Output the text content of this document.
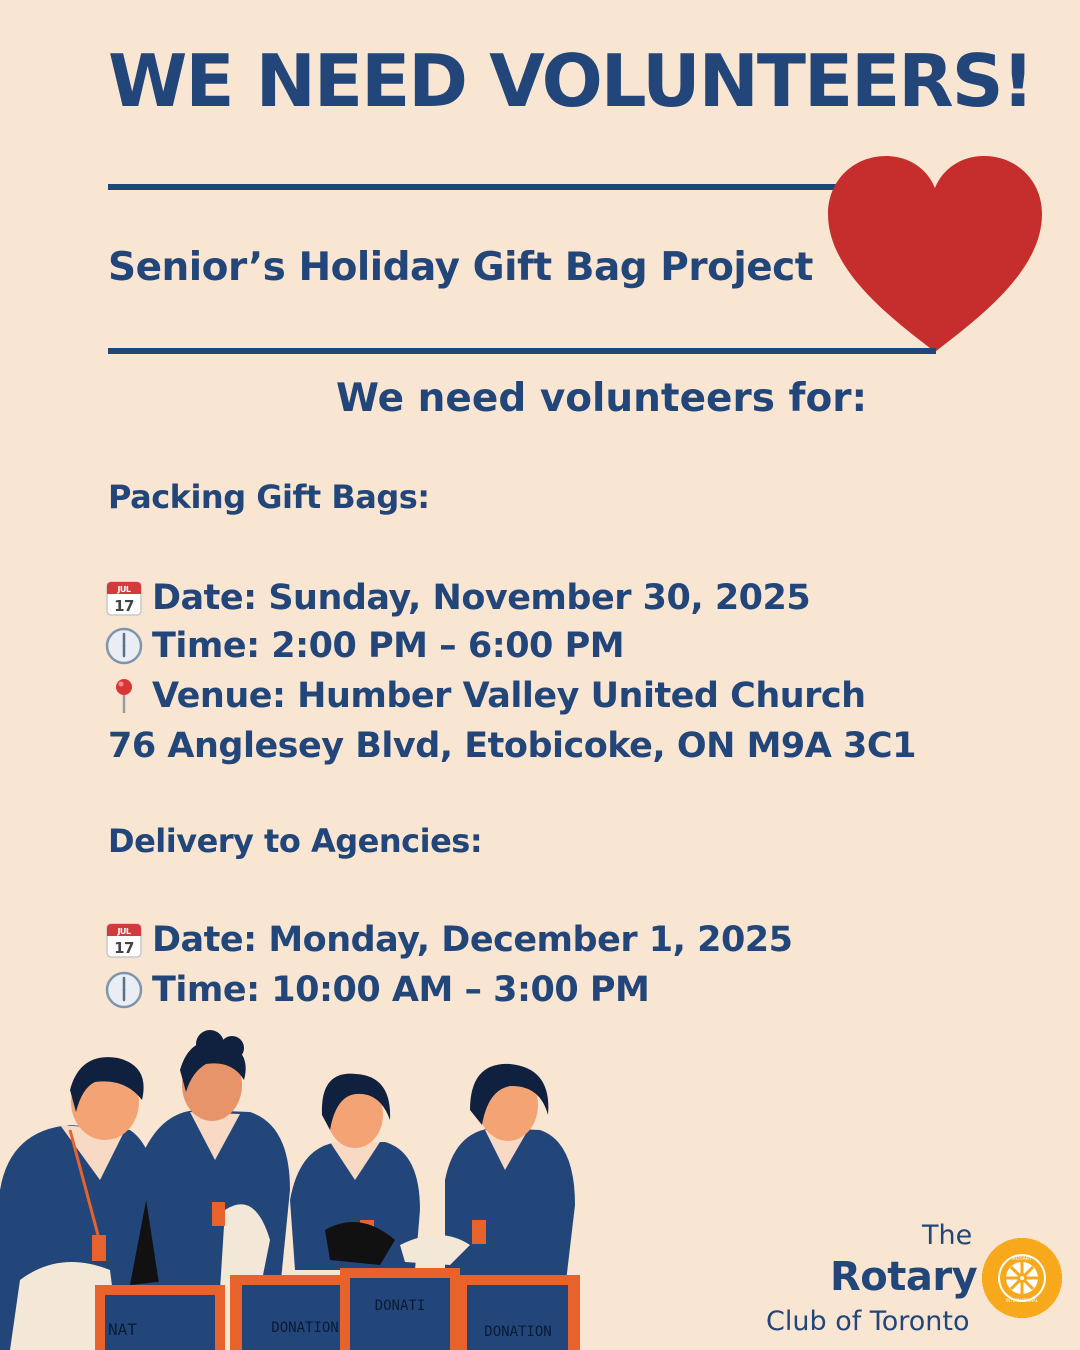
WE NEED VOLUNTEERS!
Senior’s Holiday Gift Bag Project
We need volunteers for:
Packing Gift Bags:
JUL
17 Date: Sunday, November 30, 2025
Time: 2:00 PM – 6:00 PM
Venue: Humber Valley United Church
76 Anglesey Blvd, Etobicoke, ON M9A 3C1
Delivery to Agencies:
JUL
17 Date: Monday, December 1, 2025
Time: 10:00 AM – 3:00 PM
NAT	DONATION
DONATI
DONATION
The
Rotary
Club of Toronto
ROTARY
INTERNATIONAL
